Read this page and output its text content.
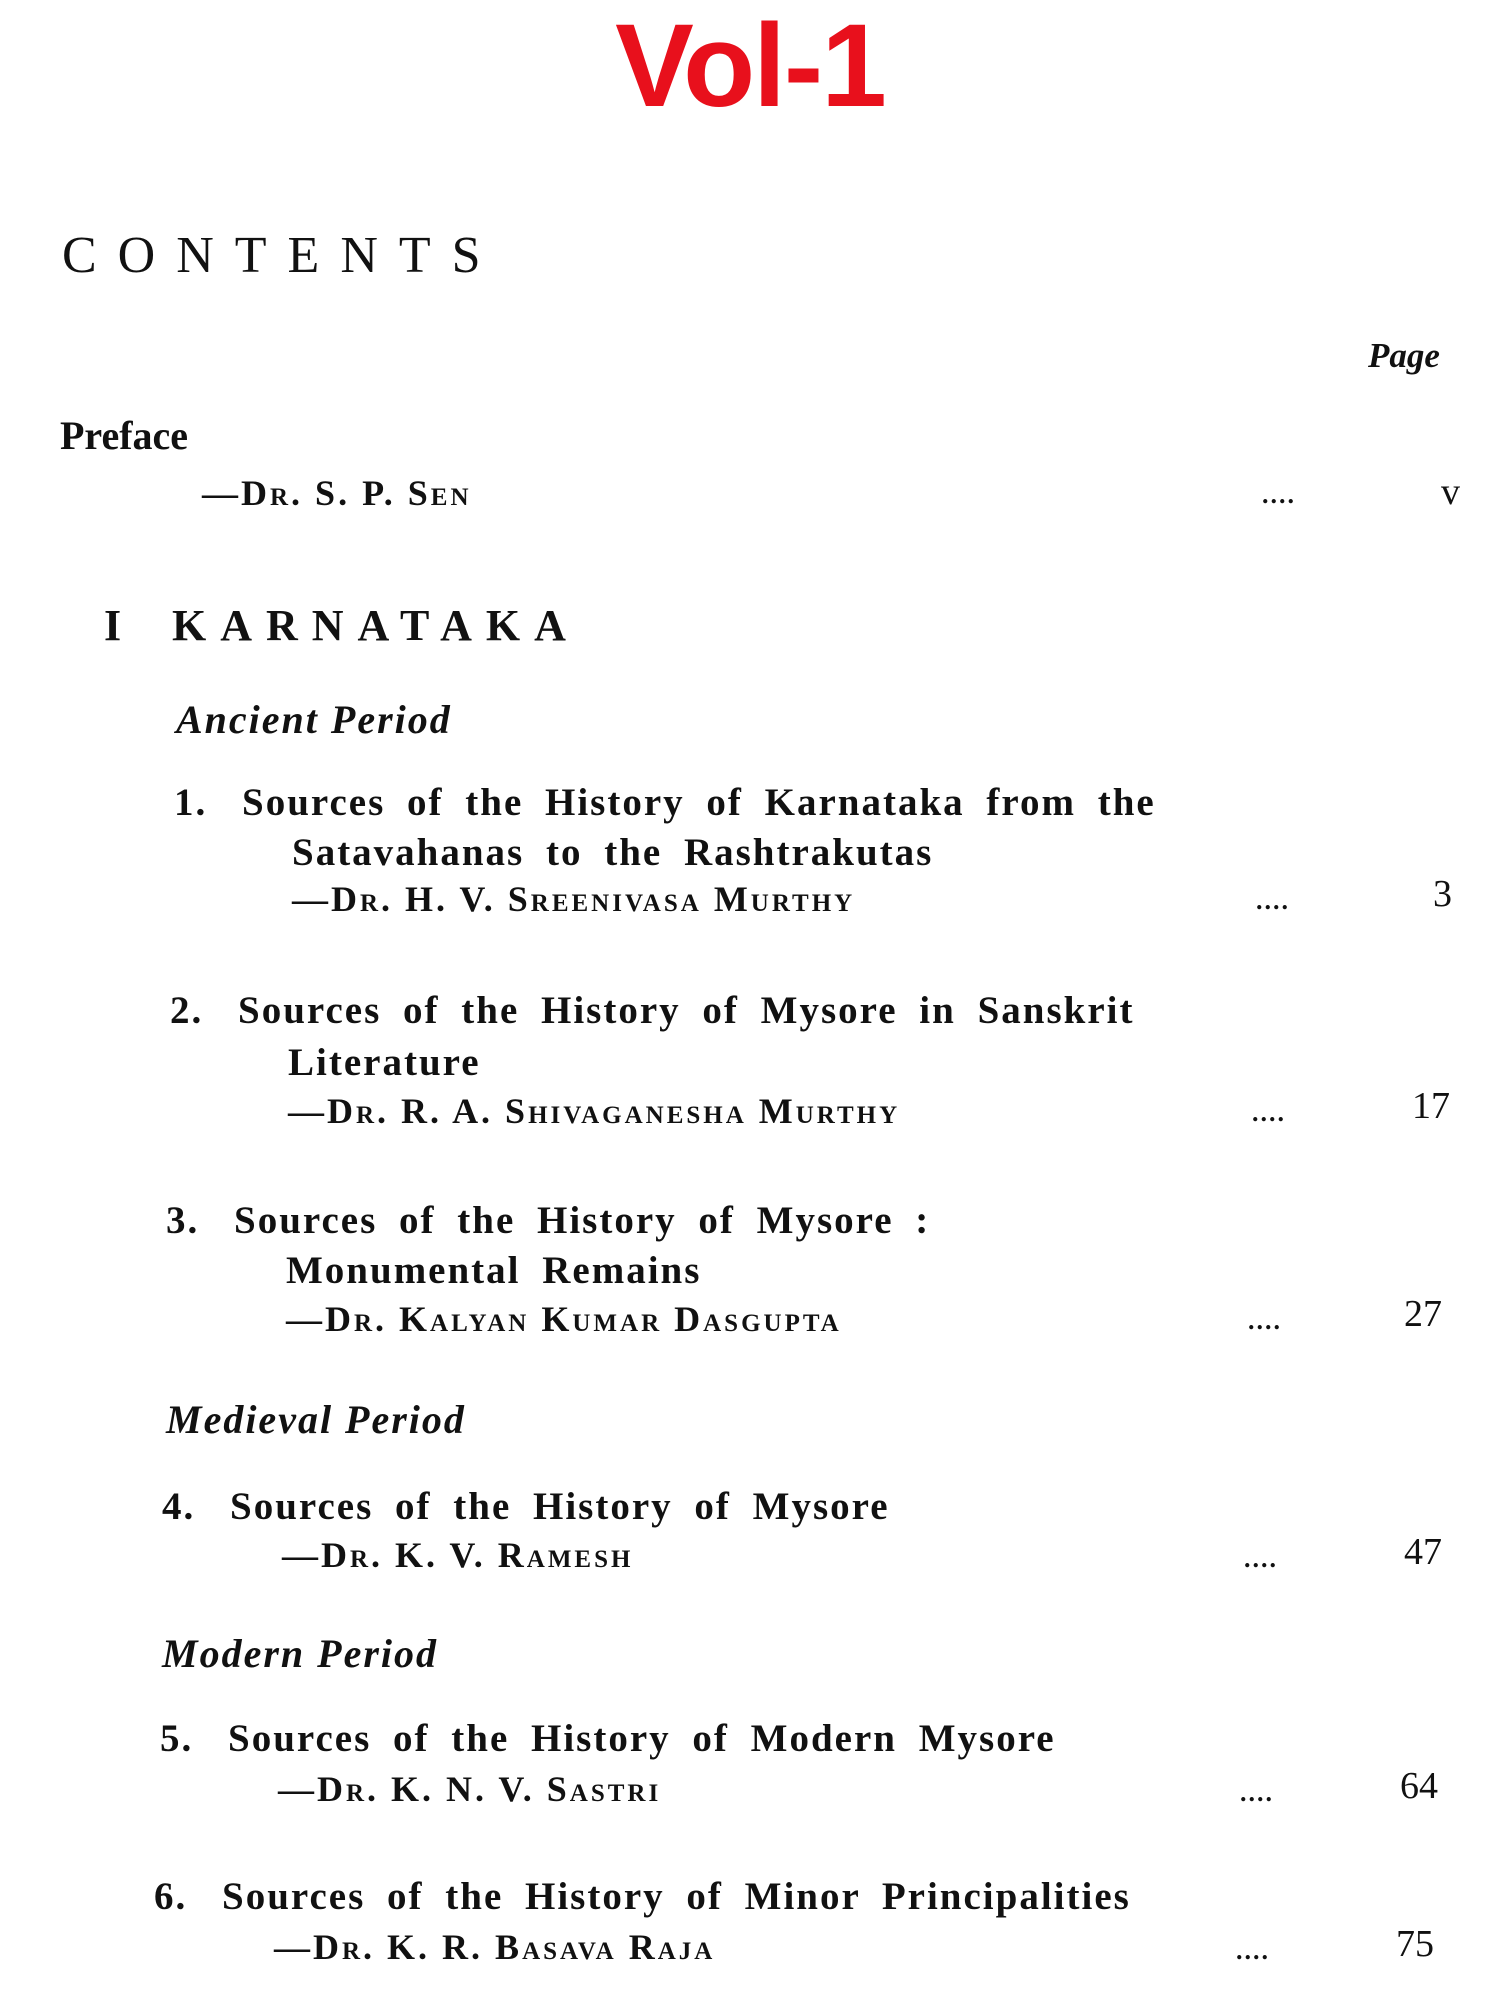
Vol-1
CONTENTS
Page
Preface
—Dr. S. P. Sen	....	v
I KARNATAKA
Ancient Period
1. Sources of the History of Karnataka from the
Satavahanas to the Rashtrakutas
—Dr. H. V. Sreenivasa Murthy	....	3
2. Sources of the History of Mysore in Sanskrit
Literature
—Dr. R. A. Shivaganesha Murthy	....	17
3. Sources of the History of Mysore :
Monumental Remains
—Dr. Kalyan Kumar Dasgupta	....	27
Medieval Period
4. Sources of the History of Mysore
—Dr. K. V. Ramesh	....	47
Modern Period
5. Sources of the History of Modern Mysore
—Dr. K. N. V. Sastri	....	64
6. Sources of the History of Minor Principalities
—Dr. K. R. Basava Raja	....	75
